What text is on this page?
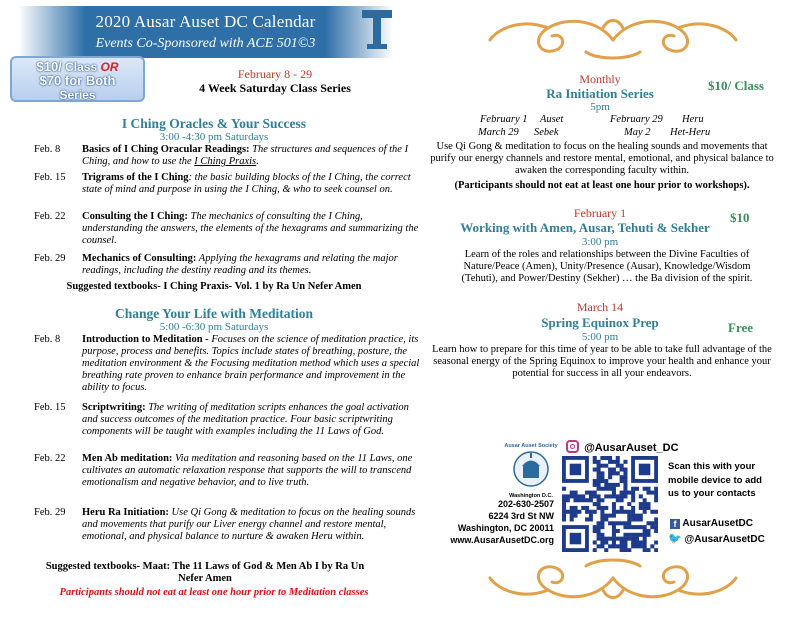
2020 Ausar Auset DC Calendar
Events Co-Sponsored with ACE 501©3
$10/ Class OR
$70 for Both
Series
February 8 - 29
4 Week Saturday Class Series
I Ching Oracles & Your Success
3:00 -4:30 pm Saturdays
Feb. 8	Basics of I Ching Oracular Readings: The structures and sequences of the I Ching, and how to use the I Ching Praxis.
Feb. 15	Trigrams of the I Ching: the basic building blocks of the I Ching, the correct state of mind and purpose in using the I Ching, & who to seek counsel on.
Feb. 22	Consulting the I Ching: The mechanics of consulting the I Ching, understanding the answers, the elements of the hexagrams and summarizing the counsel.
Feb. 29	Mechanics of Consulting: Applying the hexagrams and relating the major readings, including the destiny reading and its themes.
Suggested textbooks- I Ching Praxis- Vol. 1 by Ra Un Nefer Amen
Change Your Life with Meditation
5:00 -6:30 pm Saturdays
Feb. 8	Introduction to Meditation - Focuses on the science of meditation practice, its purpose, process and benefits. Topics include states of breathing, posture, the meditation environment & the Focusing meditation method which uses a special breathing rate proven to enhance brain performance and improvement in the ability to focus.
Feb. 15	Scriptwriting: The writing of meditation scripts enhances the goal activation and success outcomes of the meditation practice. Four basic scriptwriting components will be taught with examples including the 11 Laws of God.
Feb. 22	Men Ab meditation: Via meditation and reasoning based on the 11 Laws, one cultivates an automatic relaxation response that supports the will to transcend emotionalism and negative behavior, and to live truth.
Feb. 29	Heru Ra Initiation: Use Qi Gong & meditation to focus on the healing sounds and movements that purify our Liver energy channel and restore mental, emotional, and physical balance to nurture & awaken Heru within.
Suggested textbooks- Maat: The 11 Laws of God & Men Ab I by Ra Un Nefer Amen
Participants should not eat at least one hour prior to Meditation classes
Monthly
Ra Initiation Series
5pm
$10/ Class
February 1 Auset	February 29 Heru
March 29 Sebek	May 2 Het-Heru
Use Qi Gong & meditation to focus on the healing sounds and movements that purify our energy channels and restore mental, emotional, and physical balance to awaken the corresponding faculty within.
(Participants should not eat at least one hour prior to workshops).
February 1
Working with Amen, Ausar, Tehuti & Sekher
$10
3:00 pm
Learn of the roles and relationships between the Divine Faculties of Nature/Peace (Amen), Unity/Presence (Ausar), Knowledge/Wisdom (Tehuti), and Power/Destiny (Sekher) … the Ba division of the spirit.
March 14
Spring Equinox Prep	Free
5:00 pm
Learn how to prepare for this time of year to be able to take full advantage of the seasonal energy of the Spring Equinox to improve your health and enhance your potential for success in all your endeavors.
Ausar Auset Society
Washington D.C.
202-630-2507
6224 3rd St NW
Washington, DC 20011
www.AusarAusetDC.org
@AusarAuset_DC
Scan this with your mobile device to add us to your contacts
f AusarAusetDC
🐦 @AusarAusetDC
